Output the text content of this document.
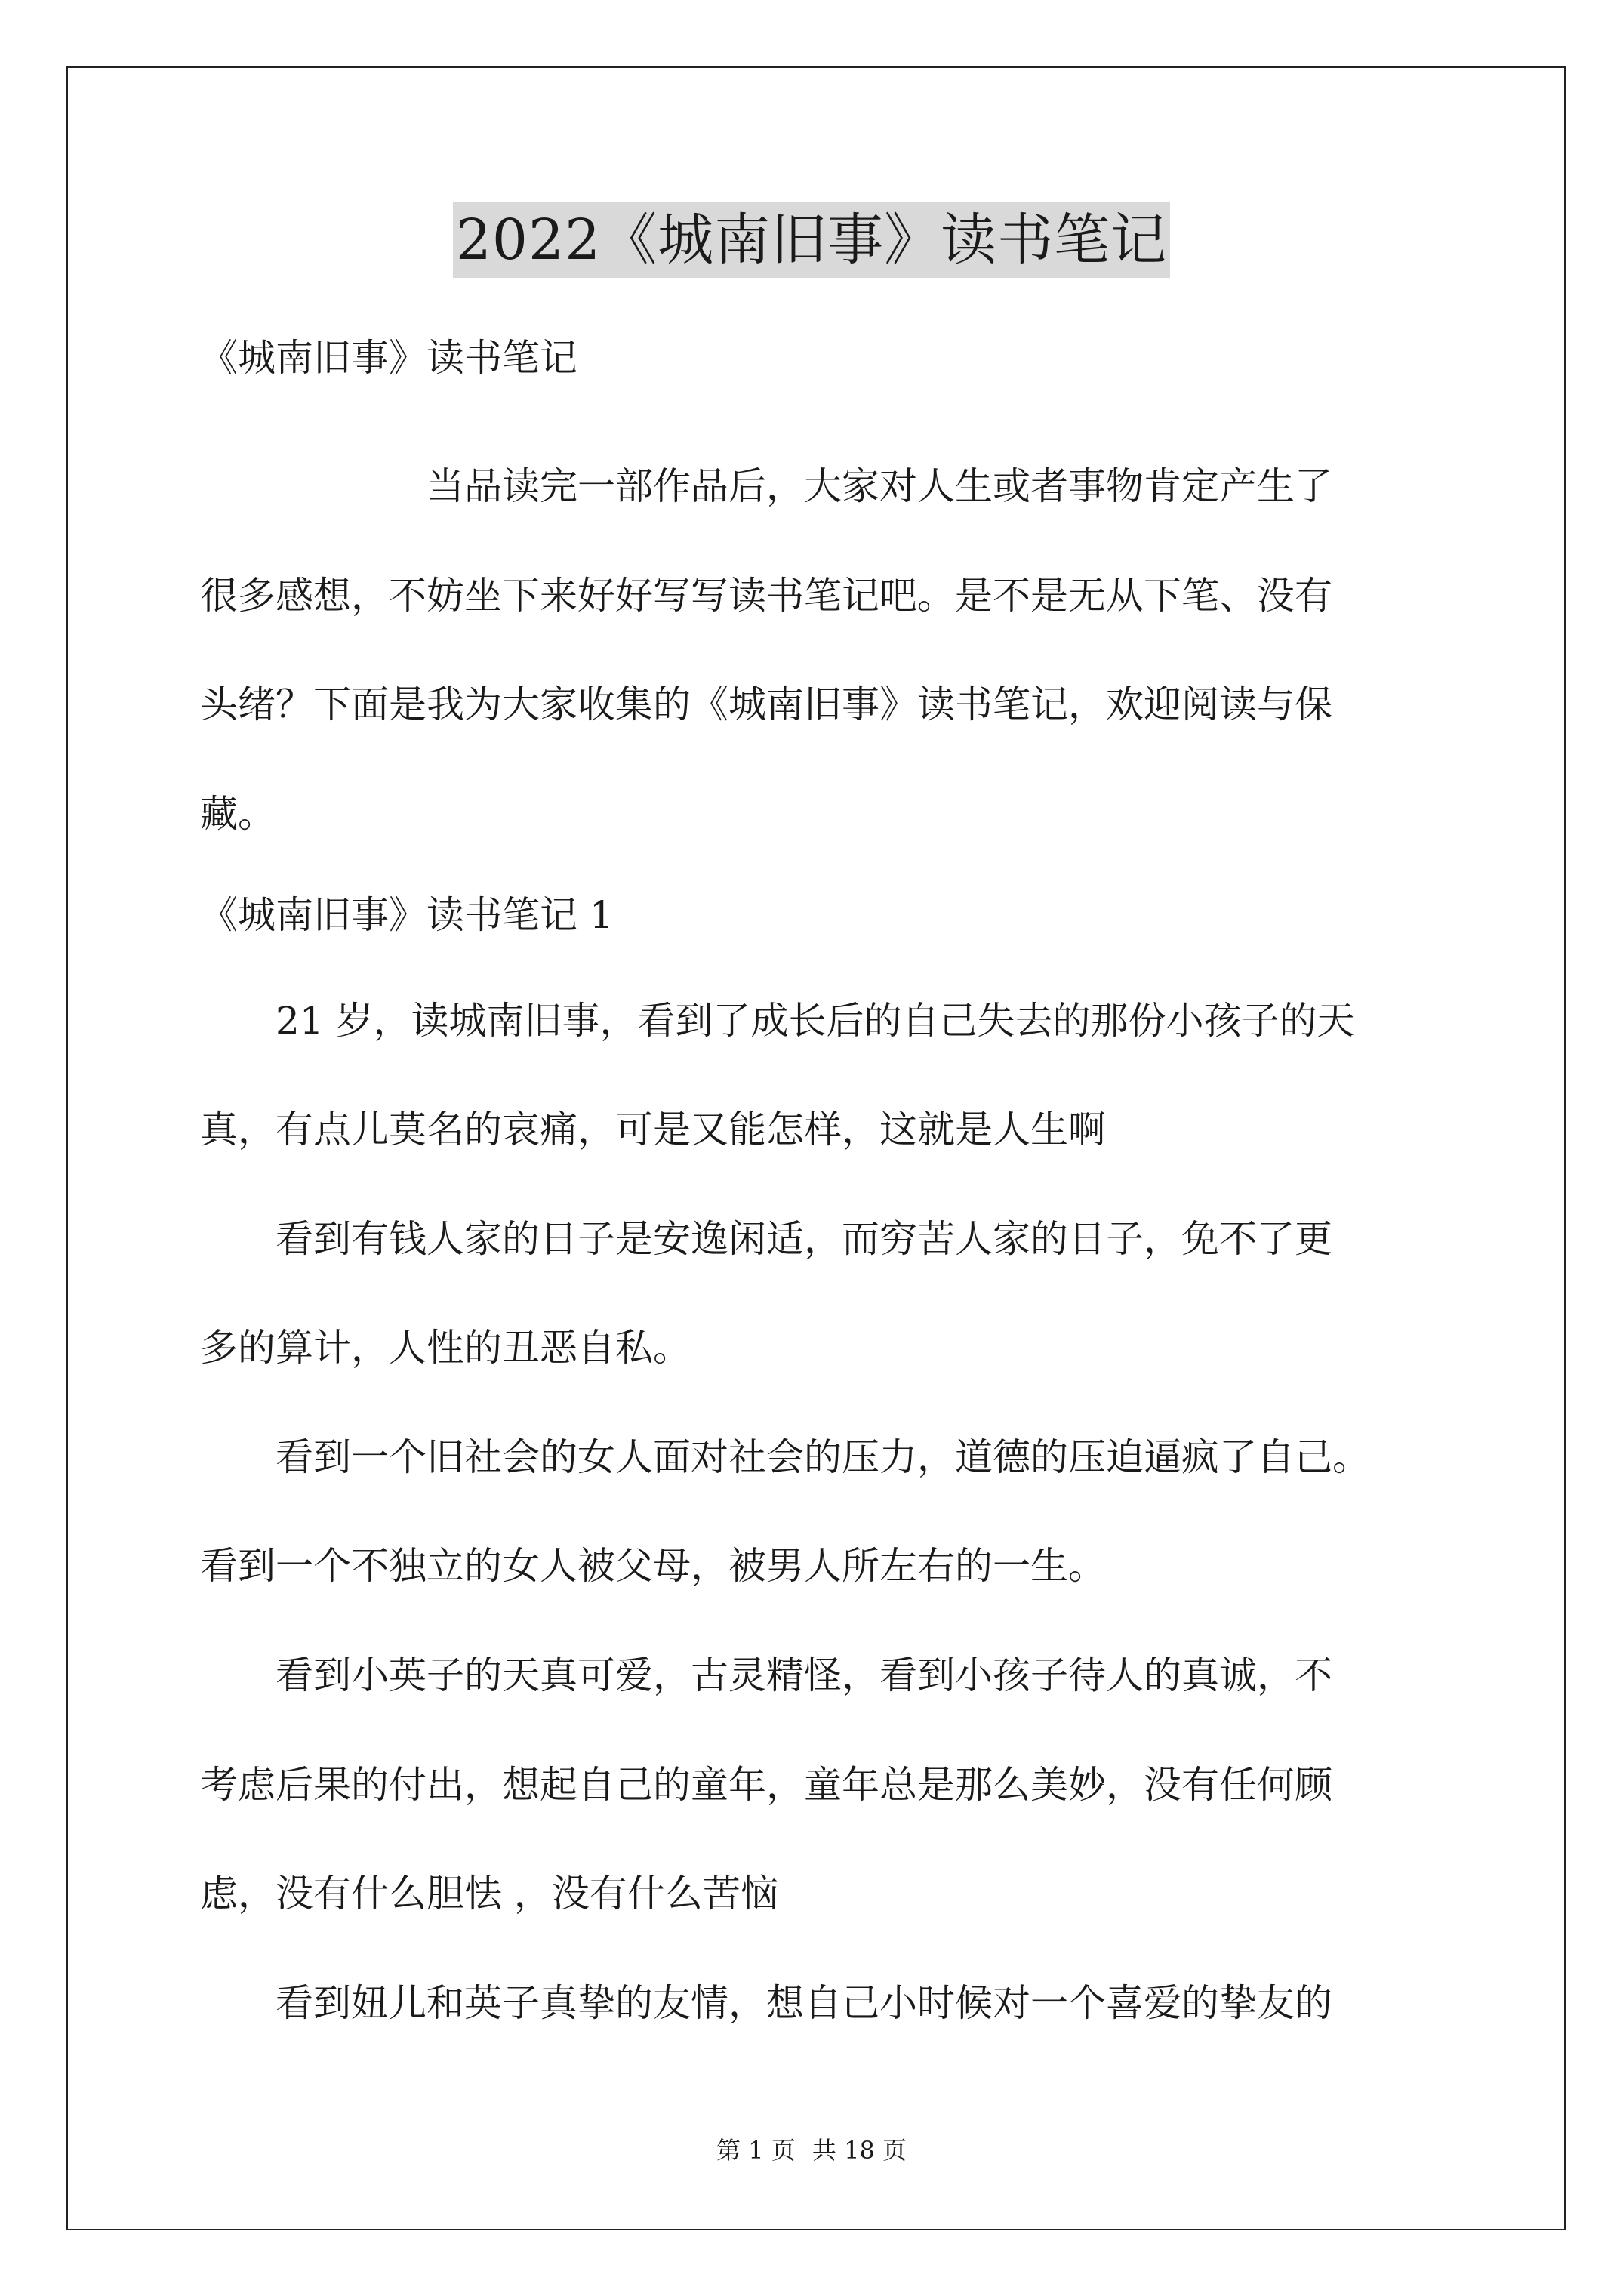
2022《城南旧事》读书笔记
《城南旧事》读书笔记
　　　　　　当品读完一部作品后，大家对人生或者事物肯定产生了
很多感想，不妨坐下来好好写写读书笔记吧。是不是无从下笔、没有
头绪？下面是我为大家收集的《城南旧事》读书笔记，欢迎阅读与保
藏。
《城南旧事》读书笔记 1
　　21 岁，读城南旧事，看到了成长后的自己失去的那份小孩子的天
真，有点儿莫名的哀痛，可是又能怎样，这就是人生啊
　　看到有钱人家的日子是安逸闲适，而穷苦人家的日子，免不了更
多的算计，人性的丑恶自私。
　　看到一个旧社会的女人面对社会的压力，道德的压迫逼疯了自己。
看到一个不独立的女人被父母，被男人所左右的一生。
　　看到小英子的天真可爱，古灵精怪，看到小孩子待人的真诚，不
考虑后果的付出，想起自己的童年，童年总是那么美妙，没有任何顾
虑，没有什么胆怯 ，没有什么苦恼
　　看到妞儿和英子真挚的友情，想自己小时候对一个喜爱的挚友的
第 1 页 共 18 页
